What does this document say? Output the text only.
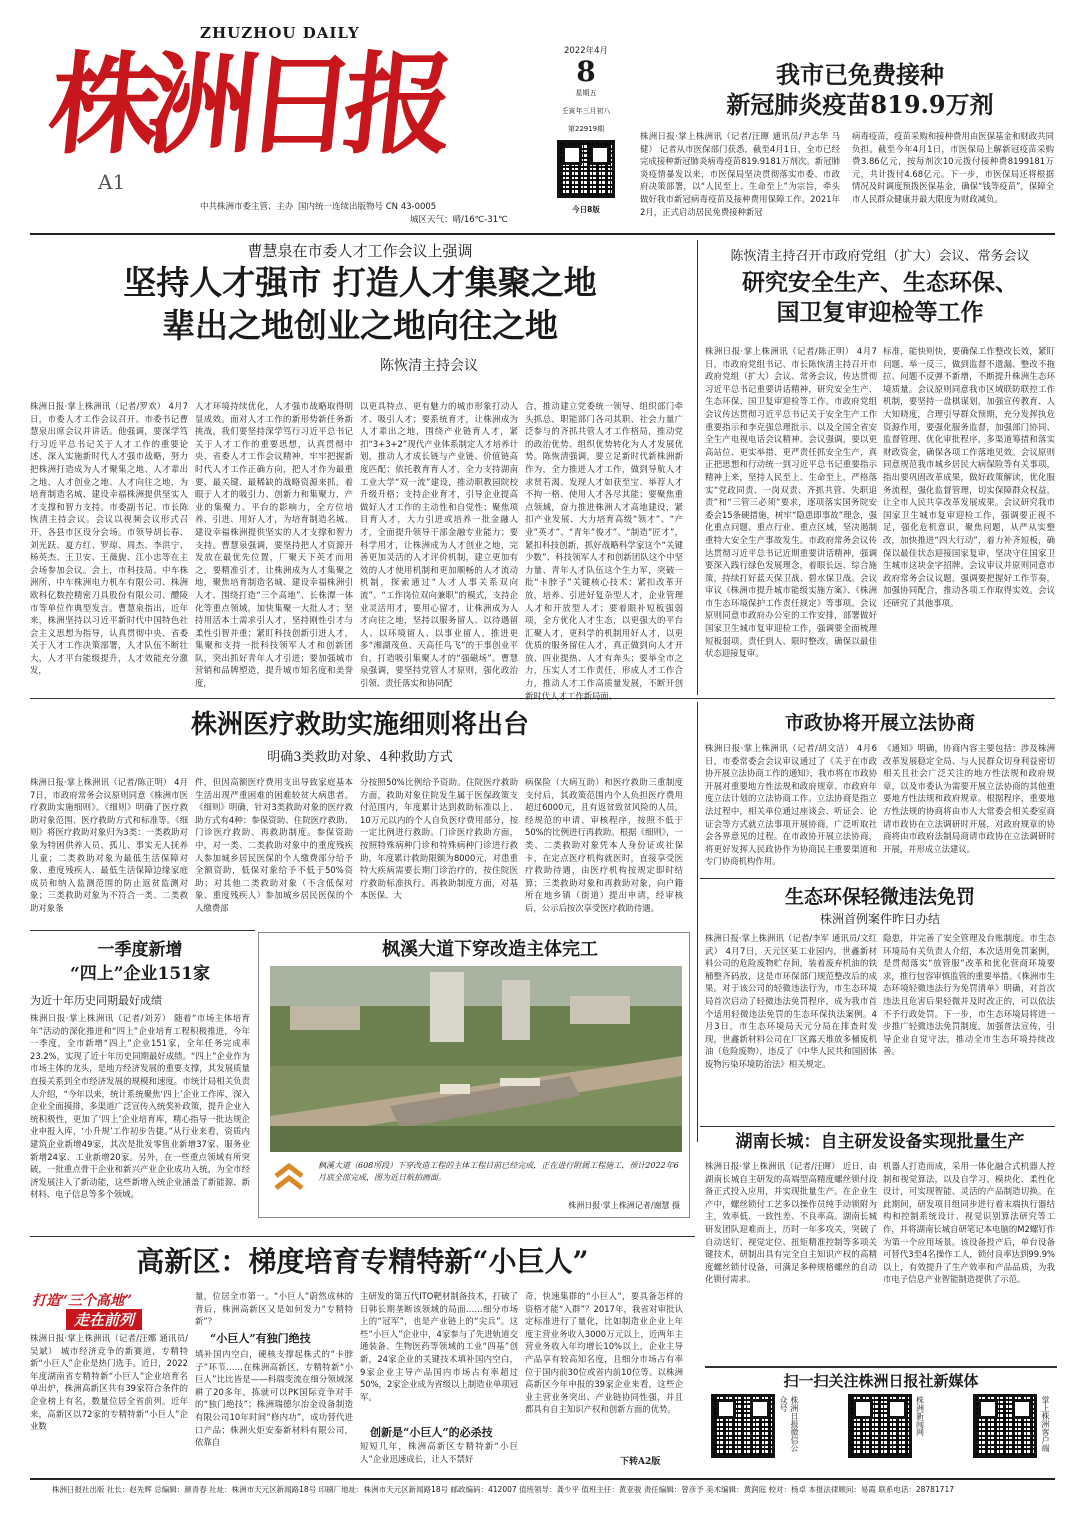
ZHUZHOU DAILY
株洲日报
A1
中共株洲市委主管、主办 国内统一连续出版物号 CN 43-0005
城区天气：晴/16℃-31℃
2022年4月
8
星期五
壬寅年三月初八
第22919期
今日8版
我市已免费接种
新冠肺炎疫苗819.9万剂
株洲日报·掌上株洲讯（记者/汪暉 通讯员/尹志华 马健） 记者从市医保部门获悉，截至4月1日，全市已经完成接种新冠肺炎病毒疫苗819.9181万剂次。新冠肺炎疫情暴发以来，市医保局坚决贯彻落实市委、市政府决策部署，以“人民至上、生命至上”为宗旨，牵头做好我市新冠病毒疫苗及接种费用保障工作。2021年2月，正式启动居民免费接种新冠
病毒疫苗，疫苗采购和接种费用由医保基金和财政共同负担。截至今年4月1日，市医保局上解新冠疫苗采购费3.86亿元，按每剂次10元拨付接种费8199181万元，共计拨付4.68亿元。下一步，市医保局还将根据情况及时调度预拨医保基金，确保“钱等疫苗”，保障全市人民群众健康并最大限度为财政减负。
曹慧泉在市委人才工作会议上强调
坚持人才强市 打造人才集聚之地
辈出之地创业之地向往之地
陈恢清主持会议
株洲日报·掌上株洲讯（记者/罗欢） 4月7日，市委人才工作会议召开。市委书记曹慧泉出席会议并讲话。他强调，要深学笃行习近平总书记关于人才工作的重要论述，深入实施新时代人才强市战略，努力把株洲打造成为人才聚集之地、人才辈出之地、人才创业之地、人才向往之地，为培育制造名城、建设幸福株洲提供坚实人才支撑和智力支持。市委副书记、市长陈恢清主持会议。会议以视频会议形式召开，各县市区设分会场。市领导胡长春、刘光跃、夏方红、罗琼、周杰、李洪宁、杨英杰、王卫安、王薇旎、江小忠等在主会场参加会议。会上，市科技局、中车株洲所、中车株洲电力机车有限公司、株洲欧科亿数控精密刀具股份有限公司、醴陵市等单位作典型发言。曹慧泉指出，近年来，株洲坚持以习近平新时代中国特色社会主义思想为指导，认真贯彻中央、省委关于人才工作决策部署，人才队伍不断壮大，人才平台能级提升，人才效能充分激发，
人才环境持续优化，人才强市战略取得明显成效。面对人才工作的新形势新任务新挑战，我们要坚持深学笃行习近平总书记关于人才工作的重要思想，认真贯彻中央、省委人才工作会议精神，牢牢把握新时代人才工作正确方向，把人才作为最重要、最关键、最稀缺的战略资源来抓，着眼于人才的吸引力、创新力和集聚力，产业的集聚力、平台的影响力，全方位培养、引进、用好人才，为培育制造名城、建设幸福株洲提供坚实的人才支撑和智力支持。曹慧泉强调，要坚持把人才资源开发放在最优先位置，厂聚天下英才而用之，要精准引才，让株洲成为人才集聚之地，聚焦培育制造名城、建设幸福株洲引人才、围绕打造“三个高地”、长株潭一体化等重点领域，加快集聚一大批人才；坚持用活本土需求引人才，坚持刚性引才与柔性引智并重；紧盯科技创新引进人才，集聚和支持一批科技领军人才和创新团队，突出抓好青年人才引进；要加强城市营销和品牌塑造，提升城市知名度和美誉度，
以更具特点、更有魅力的城市形象打动人才、吸引人才；要系统育才，让株洲成为人才辈出之地，围绕产业链育人才，紧扣“3+3+2”现代产业体系制定人才培养计划，推动人才成长链与产业链、价值链高度匹配；依托教育育人才，全力支持湖南工业大学“双一流”建设，推动职教园院校升级升格；支持企业育才，引导企业提高做好人才工作的主动性和自觉性；聚焦项目育人才，大力引进或培养一批金融人才，全面提升领导干部金融专业能力；要科学用才，让株洲成为人才创业之地，完善更加灵活的人才评价机制，建立更加有效的人才使用机制和更加顺畅的人才流动机制，探索通过“人才人事关系双向流”、“工作岗位双向兼职”的模式，支持企业灵活用才，要用心留才，让株洲成为人才向往之地，坚持以服务留人、以待遇留人、以环境留人、以事业留人，推进更多“湘湖茂鱼、天高任鸟飞”的干事创业平台，打造吸引集聚人才的“强磁场”。曹慧泉强调，要坚持党管人才原则，强化政治引领、责任落实和协同配
合，推动建立党委统一领导、组织部门牵头抓总、职能部门各司其职、社会力量广泛参与的齐抓共管人才工作格局，推动党的政治优势、组织优势转化为人才发展优势。陈恢清强调，要立足新时代新株洲新作为，全力推进人才工作，做到导航人才求贤若渴、发现人才如获至宝、举荐人才不拘一格、使用人才各尽其能；要聚焦重点领域，奋力推进株洲人才高地建设，紧扣产业发展、大力培育高级“领才”、“产业”英才”、“青年”俊才”、“制造”匠才”，紧扣科技创新，抓好战略科学家这个“关键少数”、科技领军人才和创新团队这个中坚力量、青年人才队伍这个生力军，突破一批“卡脖子”关键核心技术；紧扣改革开放，培养、引进好复杂型人才，企业管理人才和开放型人才；要着眼补短板强弱项，全方优化人才生态，以更强大的平台汇聚人才，更科学的机制用好人才，以更优质的服务留住人才，真正做到向人才开放、四业提热、人才有奔头；要举全市之力，压实人才工作责任，形成人才工作合力，推动人才工作高质量发展，不断开创新时代人才工作新局面。
陈恢清主持召开市政府党组（扩大）会议、常务会议
研究安全生产、生态环保、
国卫复审迎检等工作
株洲日报·掌上株洲讯（记者/陈正明） 4月7日，市政府党组书记、市长陈恢清主持召开市政府党组（扩大）会议、常务会议，传达贯彻习近平总书记重要讲话精神，研究安全生产、生态环保、国卫复审迎检等工作。市政府党组会议传达贯彻习近平总书记关于安全生产工作重要指示和李克强总理批示、以及全国全省安全生产电视电话会议精神。会议强调，要以更高站位、更实举措、更严责任抓安全生产，真正把思想和行动统一到习近平总书记重要指示精神上来，坚持人民至上、生命至上，严格落实“党政同责、一岗双责、齐抓共管、失职追责”和“三管三必须”要求，逐项落实国务院安委会15条硬措施，树牢“隐患即事故”理念，强化重点问题、重点行业、重点区域，坚决遏制重特大安全生产事故发生。市政府常务会议传达贯彻习近平总书记近期重要讲话精神，强调要深入践行绿色发展理念，着眼长远、综合施策，持续打好蓝天保卫战、碧水保卫战。会议审议《株洲市提升城市能级实施方案》、《株洲市生态环境保护工作责任规定》等事项。会议原则同意市政府办公室的工作安排，部署做好国家卫生城市复审迎检工作，强调要全面梳理短板弱项，责任到人、限时整改，确保以最佳状态迎接复审。
标准，能快则快，要确保工作整改长效，紧盯问题、举一反三，做到监督不遗漏、整改不拖拉、问题不反弹不新增，不断提升株洲生态环境质量。会议原则同意我市区域联防联控工作机制，要坚持一盘棋谋划，加强宣传教育、人大知晓度，合理引导群众预期，充分发挥执危资源作用，要强化服务监督，加强部门协同、监督管理、优化审批程序，多渠道筹措和落实财政资金，确保各项工作落地见效。会议原则同意规范我市城乡居民大病保险等有关事项，指出要巩固改革成果，做好政策解读，优化服务流程，强化监督管理，切实保障群众权益，让全市人民共享改革发展成果。会议研究我市国家卫生城市复审迎检工作，强调要正视不足，强化危机意识，聚焦问题，从严从实整改，加快推进“四大行动”，着力补齐短板，确保以最佳状态迎接国家复审，坚决守住国家卫生城市这块金字招牌。会议审议并原则同意市政府常务会议议题，强调要把握好工作节奏，加强协同配合，推动各项工作取得实效。会议还研究了其他事项。
株洲医疗救助实施细则将出台
明确3类救助对象、4种救助方式
株洲日报·掌上株洲讯（记者/陈正明） 4月7日，市政府常务会议原则同意《株洲市医疗救助实施细则》。《细则》明确了医疗救助对象范围、医疗救助方式和标准等。《细则》将医疗救助对象归为3类：一类救助对象为特困供养人员、孤儿、事实无人抚养儿童；二类救助对象为最低生活保障对象、重度残疾人、最低生活保障边缘家庭成员和纳入监测范围的防止返贫监测对象；三类救助对象为不符合一类、二类救助对象条
件，但因高额医疗费用支出导致家庭基本生活出现严重困难的困难较贫大病患者。《细则》明确，针对3类救助对象的医疗救助方式有4种：参保资助、住院医疗救助、门诊医疗救助、再救助制度。参保资助中，对一类、二类救助对象中的重度残疾人参加城乡居民医保的个人缴费部分给予全额资助，低保对象给予不低于50%资助；对其他二类救助对象（不含低保对象、重度残疾人）参加城乡居民医保的个人缴费部
分按照50%比例给予资助。住院医疗救助方面，救助对象住院发生属于医保政策支付范围内，年度累计达到救助标准以上、10万元以内的个人自负医疗费用部分，按一定比例进行救助。门诊医疗救助方面，按照特殊病种门诊和特殊病种门诊进行救助，年度累计救助限额为8000元，对患重特大疾病需要长期门诊治疗的，按住院医疗救助标准执行。再救助制度方面，对基本医保、大
病保险（大病互助）和医疗救助三重制度支付后，其政策范围内个人负担医疗费用超过6000元，且有返贫致贫风险的人员，经规范的申请、审核程序，按照不低于50%的比例进行再救助。根据《细则》，一类、二类救助对象凭本人身份证或社保卡，在定点医疗机构就医时，直接享受医疗救助待遇，由医疗机构按规定即时结算；三类救助对象和再救助对象，向户籍所在地乡镇（街道）提出申请，经审核后，公示后按次享受医疗救助待遇。
市政协将开展立法协商
株洲日报·掌上株洲讯（记者/胡文洁） 4月6日，市委常委会会议审议通过了《关于在市政协开展立法协商工作的通知》，我市将在市政协开展对重要地方性法规和政府规章、市政府年度立法计划的立法协商工作。立法协商是指立法过程中，相关单位通过座谈会、听证会、论证会等方式就立法事项开展协商，广泛听取社会各界意见的过程。在市政协开展立法协商，将更好发挥人民政协作为协商民主重要渠道和专门协商机构作用。
《通知》明确，协商内容主要包括：涉及株洲改革发展稳定全局、与人民群众切身利益密切相关且社会广泛关注的地方性法规和政府规章，以及市委认为需要开展立法协商的其他重要地方性法规和政府规章。根据程序，重要地方性法规的协商将由市人大常委会相关委室商请市政协在立法调研时开展，对政府规章的协商将由市政府法制局商请市政协在立法调研时开展，并形成立法建议。
生态环保轻微违法免罚
株洲首例案件昨日办结
株洲日报·掌上株洲讯（记者/李军 通讯员/文红武） 4月7日，天元区某工业园内，世鑫新材料公司的危险废物贮存间，装着废弃机油的铁桶整齐码放，这是市环保部门规范整改后的成果。对于该公司的轻微违法行为，市生态环境局首次启动了轻微违法免罚程序，成为我市首个适用轻微违法免罚的生态环保执法案例。4月3日，市生态环境局天元分局在排查时发现，世鑫新材料公司在厂区露天堆放多桶废机油（危险废物），违反了《中华人民共和国固体废物污染环境防治法》相关规定。
隐患，并完善了安全管理及台账制度。市生态环境局有关负责人介绍，本次适用免罚案例，是贯彻落实“放管服”改革和优化营商环境要求，推行包容审慎监管的重要举措。《株洲市生态环境轻微违法行为免罚清单》明确，对首次违法且危害后果轻微并及时改正的，可以依法不予行政处罚。下一步，市生态环境局将进一步推广轻微违法免罚制度，加强普法宣传，引导企业自觉守法，推动全市生态环境持续改善。
湖南长城：自主研发设备实现批量生产
株洲日报·掌上株洲讯（记者/汪暉） 近日，由湖南长城自主研发的高端型高精度螺丝锁付设备正式投入应用，并实现批量生产。在企业生产中，螺丝锁付工艺多以操作员纯手动锁附为主，效率低、一致性差、不良率高。湖南长城研发团队迎难而上，历时一年多攻关，突破了自动送钉、视觉定位、扭矩精准控制等多项关键技术，研制出具有完全自主知识产权的高精度螺丝锁付设备，可满足多种规格螺丝的自动化锁付需求。
机器人打造而成，采用一体化融合式机器人控制和视觉算法，以及自学习、模块化、柔性化设计，可实现智能、灵活的产品制造切换。在此期间，研发项目组同步进行着末端执行器结构和控制系统设计、视觉识别算法研究等工作，并将湖南长城自研笔记本电脑的M2螺钉作为第一个应用场景。该设备投产后，单台设备可替代3至4名操作工人，锁付良率达到99.9%以上，有效提升了生产效率和产品品质，为我市电子信息产业智能制造提供了示范。
一季度新增
“四上”企业151家
为近十年历史同期最好成绩
株洲日报·掌上株洲讯（记者/刘芳） 随着“市场主体培育年”活动的深化推进和“四上”企业培育工程积极推进，今年一季度，全市新增“四上”企业151家，全年任务完成率23.2%，实现了近十年历史同期最好成绩。“四上”企业作为市场主体的龙头，是地方经济发展的重要支撑，其发展质量直接关系到全市经济发展的规模和速度。市统计局相关负责人介绍，“今年以来，统计系统聚焦‘四上’企业工作库，深入企业全面摸排，多渠道广泛宣传入统奖补政策，提升企业入统积极性，更加了‘四上’企业培育库，精心指导一批达规企业申报入库，‘小升规’工作初步告捷。”从行业来看，资质内建筑企业新增49家，其次是批发零售业新增37家、服务业新增24家、工业新增20家。另外，在一些重点领域有所突破，一批重点骨干企业和新兴产业企业成功入统，为全市经济发展注入了新动能，这些新增入统企业涵盖了新能源、新材料、电子信息等多个领域。
枫溪大道下穿改造主体完工
枫溪大道（608所段）下穿改造工程的主体工程目前已经完成，正在进行附属工程施工，预计2022年6月底全部完成，图为近日航拍画面。
株洲日报·掌上株洲记者/谢慧 摄
高新区：梯度培育专精特新“小巨人”
打造“三个高地”
走在前列
株洲日报·掌上株洲讯（记者/汪娜 通讯员/吴斌） 城市经济竞争的新赛道，专精特新“小巨人”企业是热门选手。近日，2022年度湖南省专精特新“小巨人”企业培育名单出炉，株洲高新区共有39家符合条件的企业榜上有名，数量位居全省前列。近年来，高新区以72家的专精特新“小巨人”企业数
量，位居全市第一。“小巨人”蔚然成林的背后，株洲高新区又是如何发力“专精特新”？
“小巨人”有独门绝技
填补国内空白，硬核支撑起株式的“卡脖子”环节……在株洲高新区，专精特新“小巨人”比比皆是——科瑞变流在细分领域深耕了20多年，拣就可以PK国际竞争对手的“独门绝技”；株洲瑞德尔冶金设备制造有限公司10年时间“修内功”，成功替代进口产品；株洲火炬安泰新材料有限公司，依靠自
主研发的第五代ITO靶材制备技术，打破了日韩长期垄断该领域的局面……细分市场上的“冠军”，也是产业链上的“尖兵”。这些“小巨人”企业中，4家参与了先进轨道交通装备、生物医药等领域的工业“四基”创新，24家企业的关键技术填补国内空白，9家企业主导产品国内市场占有率超过50%，2家企业成为省级以上制造业单项冠军。
创新是“小巨人”的必杀技
短短几年，株洲高新区专精特新“小巨人”企业迅速成长，让人不禁好
奇，快速集群的“小巨人”，要具备怎样的资格才能“入群”？2017年，我省对审批认定标准进行了量化，比如制造业企业上年度主营业务收入3000万元以上，近两年主营业务收入年均增长10%以上，企业主导产品享有较高知名度，且细分市场占有率位于国内前30位或省内前10位等。以株洲高新区今年申报的39家企业来看，这些企业主营业务突出、产业链协同性强，并且都具有自主知识产权和创新方面的优势。
下转A2版
扫一扫关注株洲日报社新媒体
株洲日报微信公众号	株洲新闻网	掌上株洲客户端
株洲日报社出版 社长：赵先辉 总编辑：颜青春 社址：株洲市天元区新闻路18号 印刷厂地址：株洲市天元区新闻路18号 邮政编码：412007 值班领导：龚少平 值班主任：黄亚骏 责任编辑：曾彦予 美术编辑：黄润庭 校对：杨卓 本报法律顾问：易霞 联系电话：28781717
